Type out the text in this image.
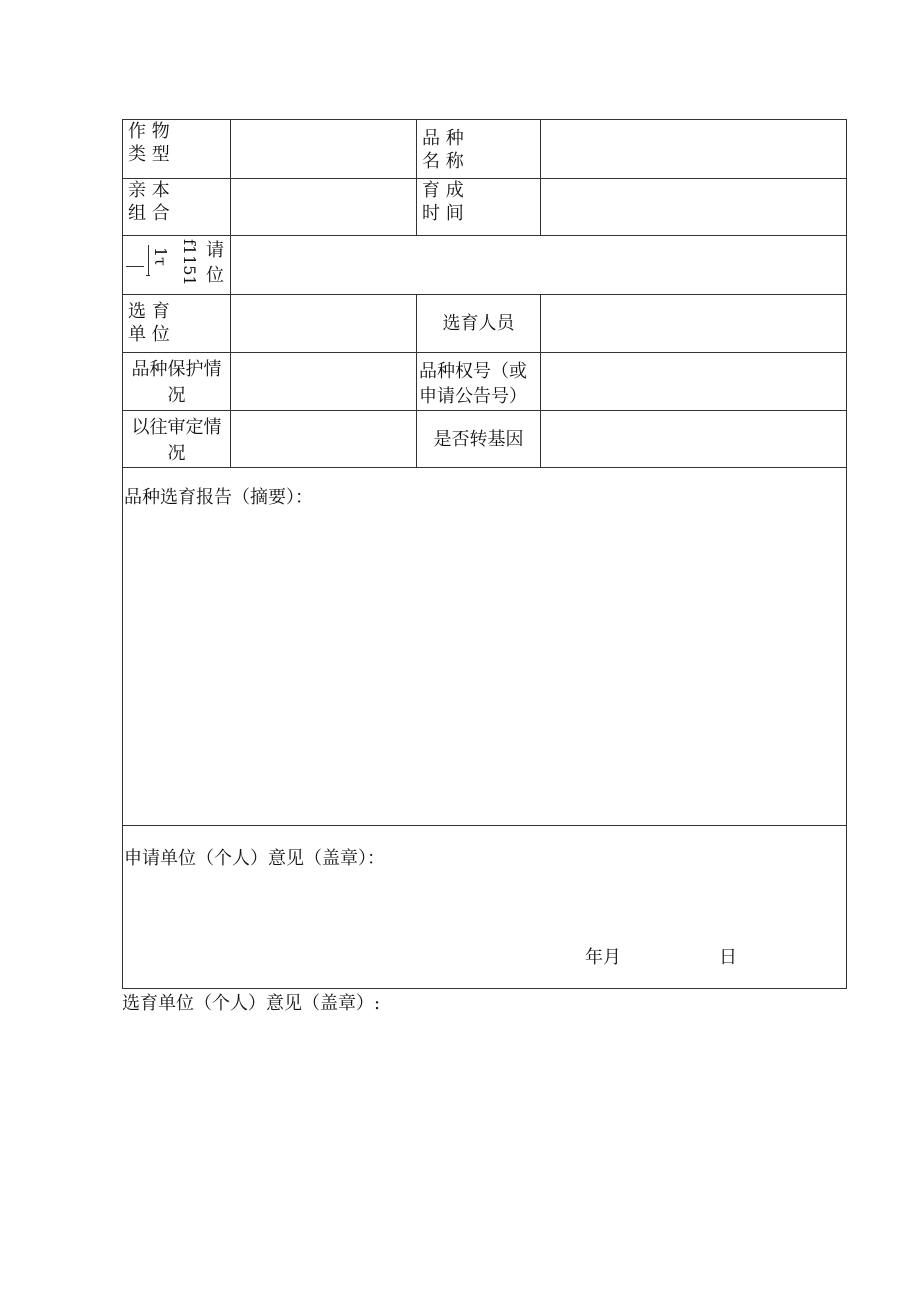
作 物
类 型
品 种
名 称
亲 本
组 合
育 成
时 间
1τ f1151 请
位
选 育
单 位
选育人员
品种保护情
况
品种权号（或
申请公告号）
以往审定情
况
是否转基因
品种选育报告（摘要）：
申请单位（个人）意见（盖章）：
年月	日
选育单位（个人）意见（盖章）:
